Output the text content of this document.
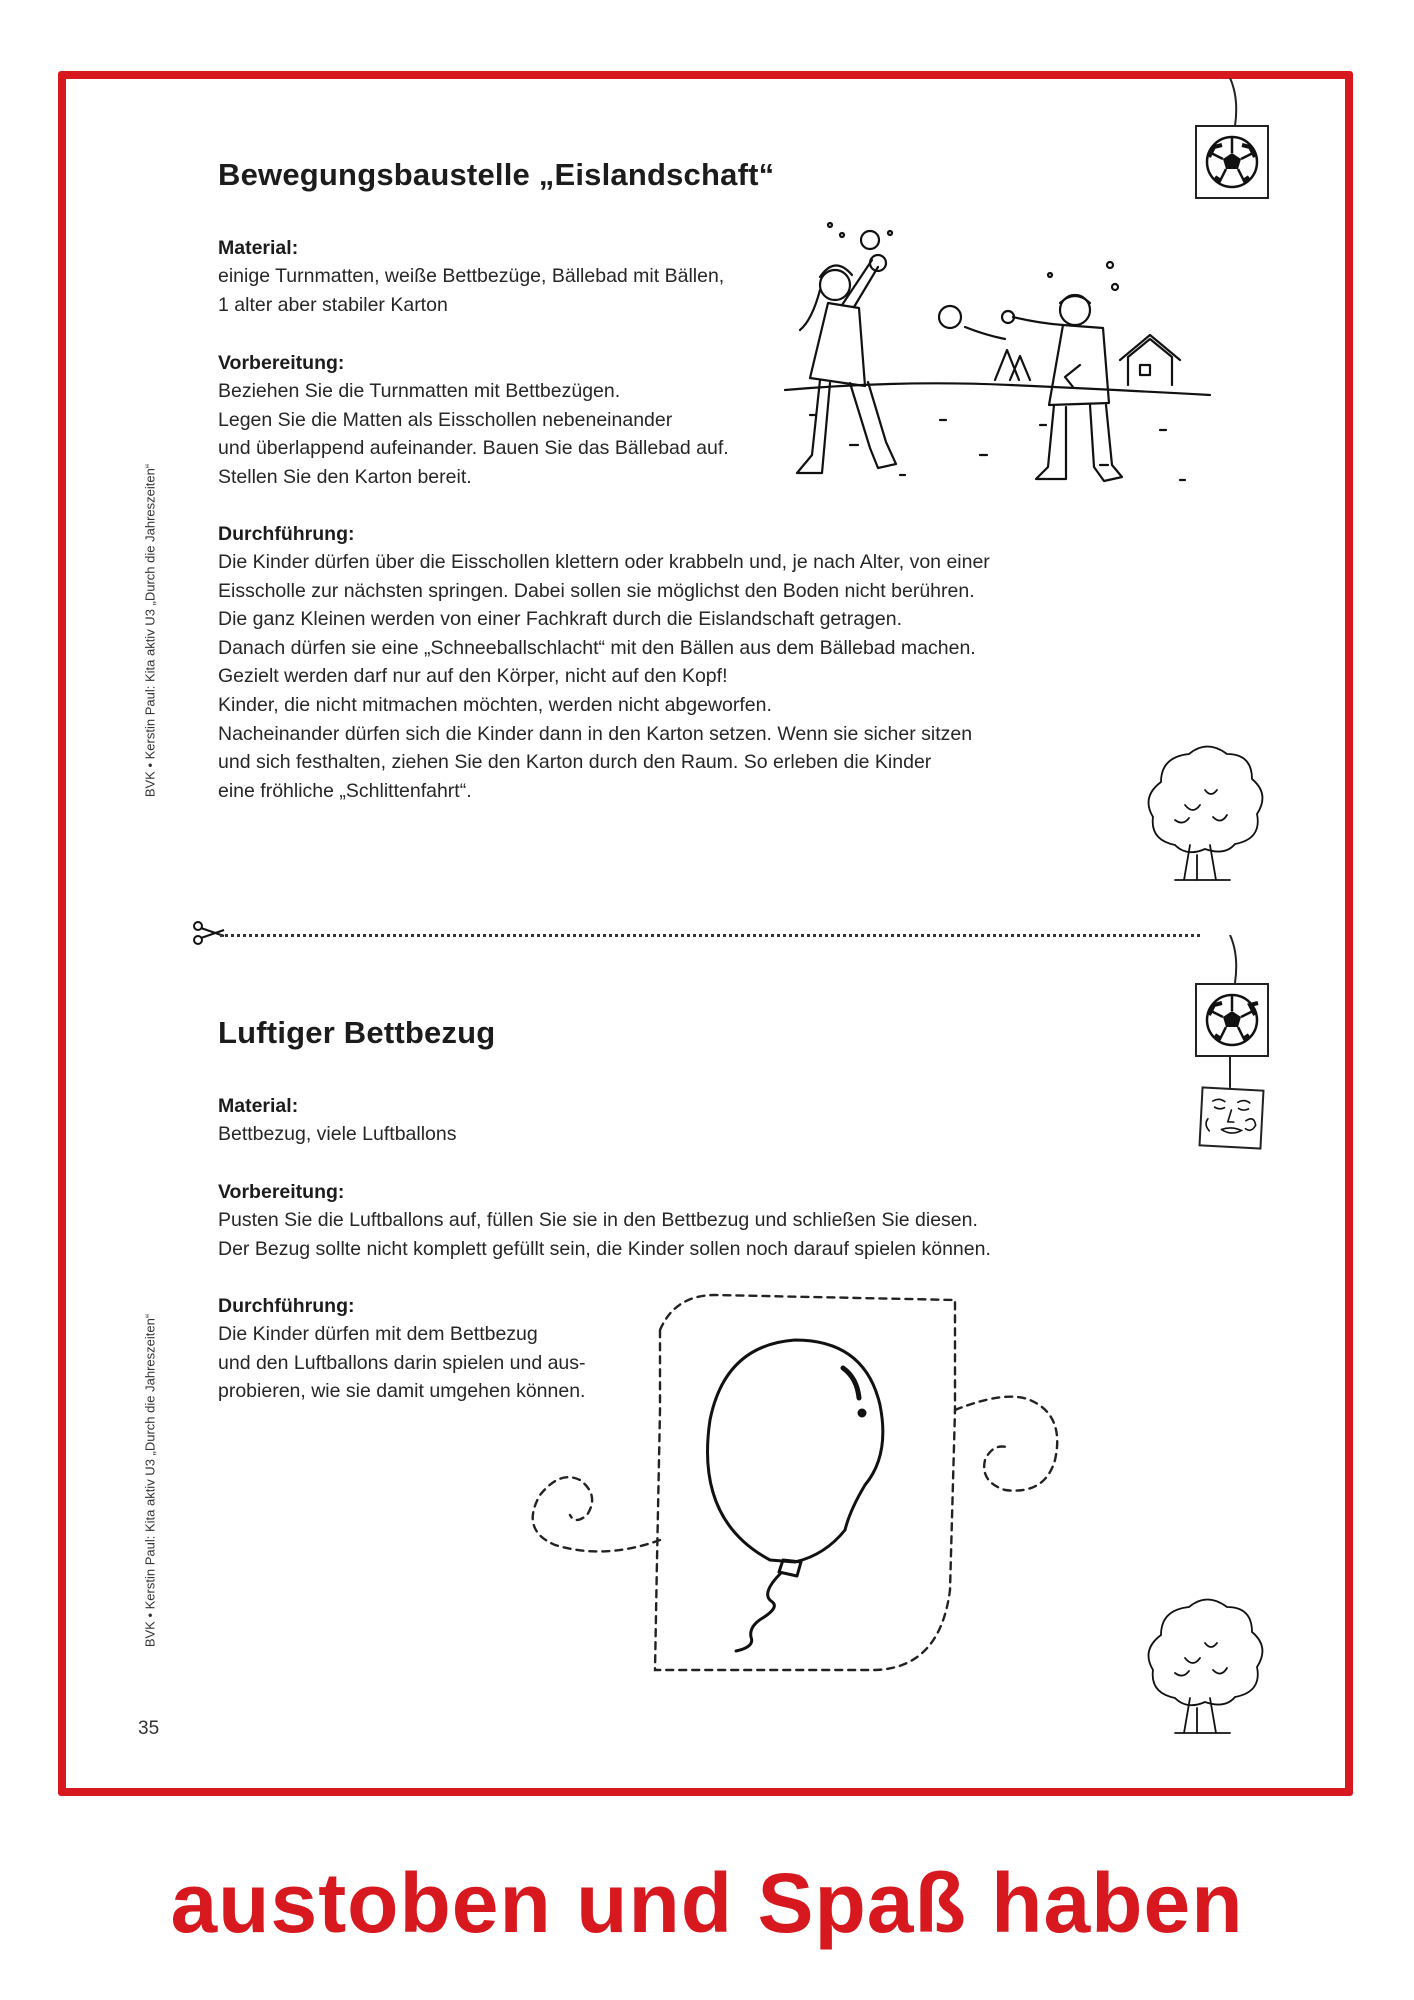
BVK • Kerstin Paul: Kita aktiv U3 „Durch die Jahreszeiten“

BVK • Kerstin Paul: Kita aktiv U3 „Durch die Jahreszeiten“

Bewegungsbaustelle „Eislandschaft“

Material:

einige Turnmatten, weiße Bettbezüge, Bällebad mit Bällen,
1 alter aber stabiler Karton

Vorbereitung:

Beziehen Sie die Turnmatten mit Bettbezügen.
Legen Sie die Matten als Eisschollen nebeneinander
und überlappend aufeinander. Bauen Sie das Bällebad auf.
Stellen Sie den Karton bereit.

Durchführung:

Die Kinder dürfen über die Eisschollen klettern oder krabbeln und, je nach Alter, von einer
Eisscholle zur nächsten springen. Dabei sollen sie möglichst den Boden nicht berühren.
Die ganz Kleinen werden von einer Fachkraft durch die Eislandschaft getragen.
Danach dürfen sie eine „Schneeballschlacht“ mit den Bällen aus dem Bällebad machen.
Gezielt werden darf nur auf den Körper, nicht auf den Kopf!
Kinder, die nicht mitmachen möchten, werden nicht abgeworfen.
Nacheinander dürfen sich die Kinder dann in den Karton setzen. Wenn sie sicher sitzen
und sich festhalten, ziehen Sie den Karton durch den Raum. So erleben die Kinder
eine fröhliche „Schlittenfahrt“.

Luftiger Bettbezug

Material:

Bettbezug, viele Luftballons

Vorbereitung:

Pusten Sie die Luftballons auf, füllen Sie sie in den Bettbezug und schließen Sie diesen.
Der Bezug sollte nicht komplett gefüllt sein, die Kinder sollen noch darauf spielen können.

Durchführung:

Die Kinder dürfen mit dem Bettbezug
und den Luftballons darin spielen und aus-
probieren, wie sie damit umgehen können.

35

austoben und Spaß haben
